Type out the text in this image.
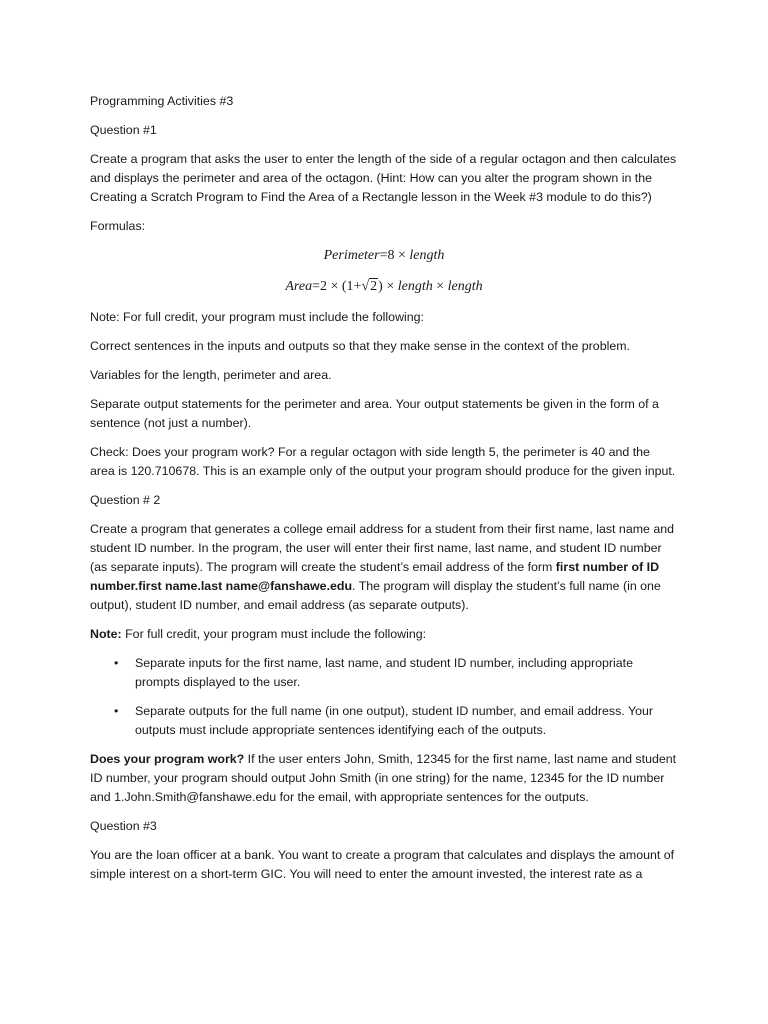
Programming Activities #3

Question #1

Create a program that asks the user to enter the length of the side of a regular octagon and then calculates and displays the perimeter and area of the octagon. (Hint: How can you alter the program shown in the Creating a Scratch Program to Find the Area of a Rectangle lesson in the Week #3 module to do this?)

Formulas:

Perimeter=8 × length
Area=2 × (1+√2) × length × length

Note: For full credit, your program must include the following:

Correct sentences in the inputs and outputs so that they make sense in the context of the problem.

Variables for the length, perimeter and area.

Separate output statements for the perimeter and area. Your output statements be given in the form of a sentence (not just a number).

Check: Does your program work? For a regular octagon with side length 5, the perimeter is 40 and the area is 120.710678. This is an example only of the output your program should produce for the given input.

Question # 2

Create a program that generates a college email address for a student from their first name, last name and student ID number. In the program, the user will enter their first name, last name, and student ID number (as separate inputs). The program will create the student’s email address of the form first number of ID number.first name.last name@fanshawe.edu. The program will display the student’s full name (in one output), student ID number, and email address (as separate outputs).

Note: For full credit, your program must include the following:

• Separate inputs for the first name, last name, and student ID number, including appropriate prompts displayed to the user.
• Separate outputs for the full name (in one output), student ID number, and email address. Your outputs must include appropriate sentences identifying each of the outputs.

Does your program work? If the user enters John, Smith, 12345 for the first name, last name and student ID number, your program should output John Smith (in one string) for the name, 12345 for the ID number and 1.John.Smith@fanshawe.edu for the email, with appropriate sentences for the outputs.

Question #3

You are the loan officer at a bank. You want to create a program that calculates and displays the amount of simple interest on a short-term GIC. You will need to enter the amount invested, the interest rate as a
